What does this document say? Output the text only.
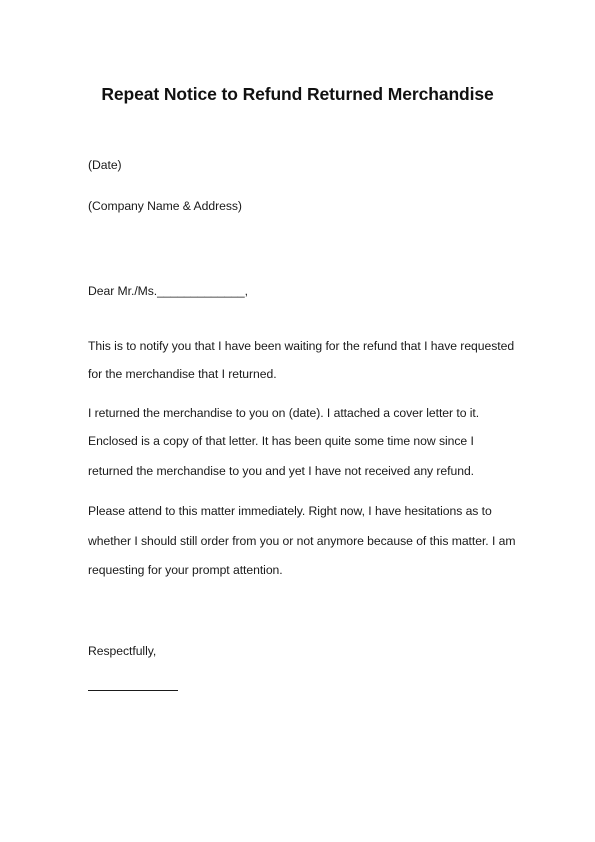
Repeat Notice to Refund Returned Merchandise
(Date)
(Company Name & Address)
Dear Mr./Ms._____________,
This is to notify you that I have been waiting for the refund that I have requested
for the merchandise that I returned.
I returned the merchandise to you on (date). I attached a cover letter to it.
Enclosed is a copy of that letter. It has been quite some time now since I
returned the merchandise to you and yet I have not received any refund.
Please attend to this matter immediately. Right now, I have hesitations as to
whether I should still order from you or not anymore because of this matter. I am
requesting for your prompt attention.
Respectfully,
